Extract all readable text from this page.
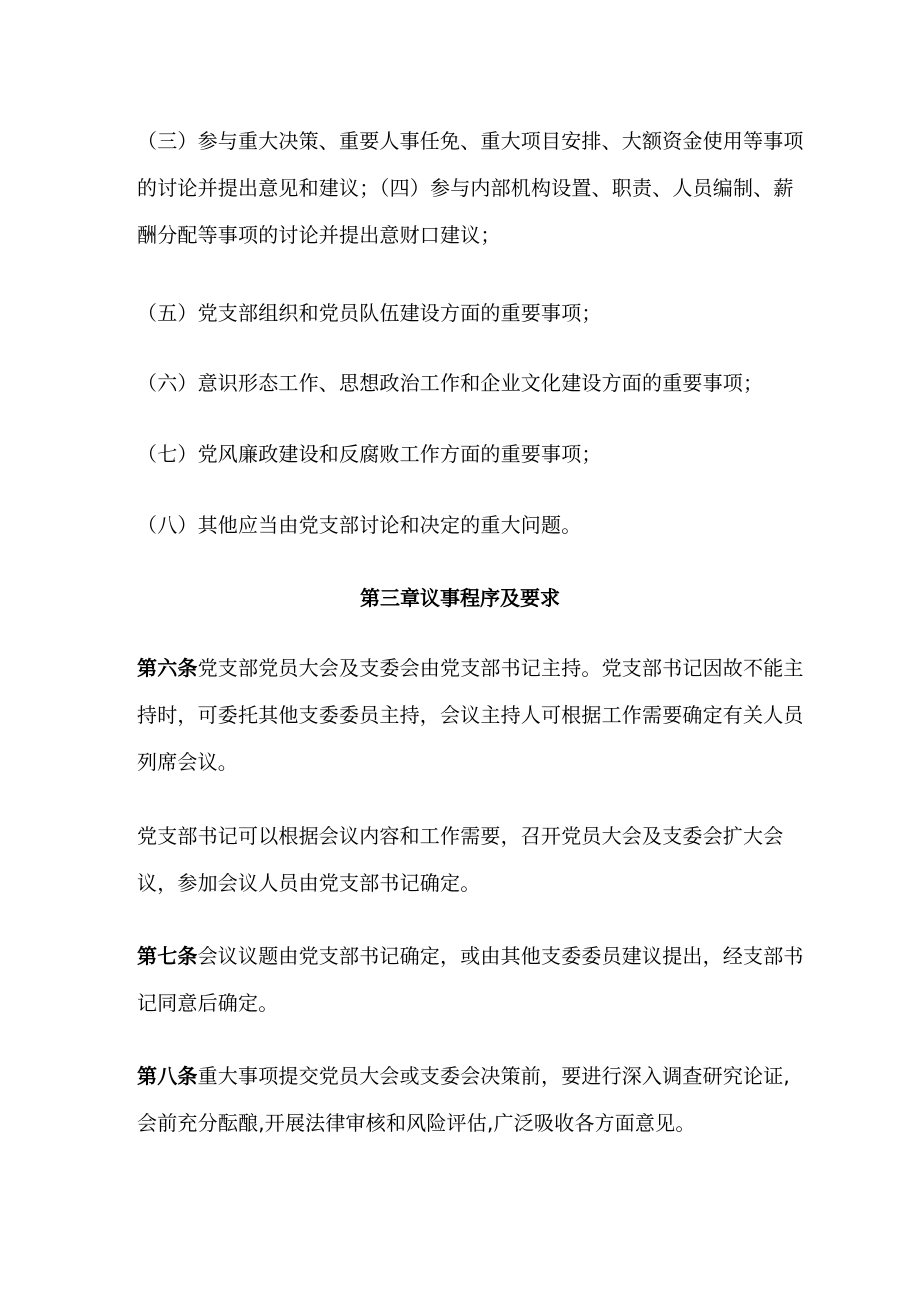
（三）参与重大决策、重要人事任免、重大项目安排、大额资金使用等事项的讨论并提出意见和建议；（四）参与内部机构设置、职责、人员编制、薪酬分配等事项的讨论并提出意财口建议；

（五）党支部组织和党员队伍建设方面的重要事项；

（六）意识形态工作、思想政治工作和企业文化建设方面的重要事项；

（七）党风廉政建设和反腐败工作方面的重要事项；

（八）其他应当由党支部讨论和决定的重大问题。

第三章议事程序及要求

第六条党支部党员大会及支委会由党支部书记主持。党支部书记因故不能主持时，可委托其他支委委员主持，会议主持人可根据工作需要确定有关人员列席会议。

党支部书记可以根据会议内容和工作需要，召开党员大会及支委会扩大会议，参加会议人员由党支部书记确定。

第七条会议议题由党支部书记确定，或由其他支委委员建议提出，经支部书记同意后确定。

第八条重大事项提交党员大会或支委会决策前，要进行深入调查研究论证,会前充分酝酿,开展法律审核和风险评估,广泛吸收各方面意见。
